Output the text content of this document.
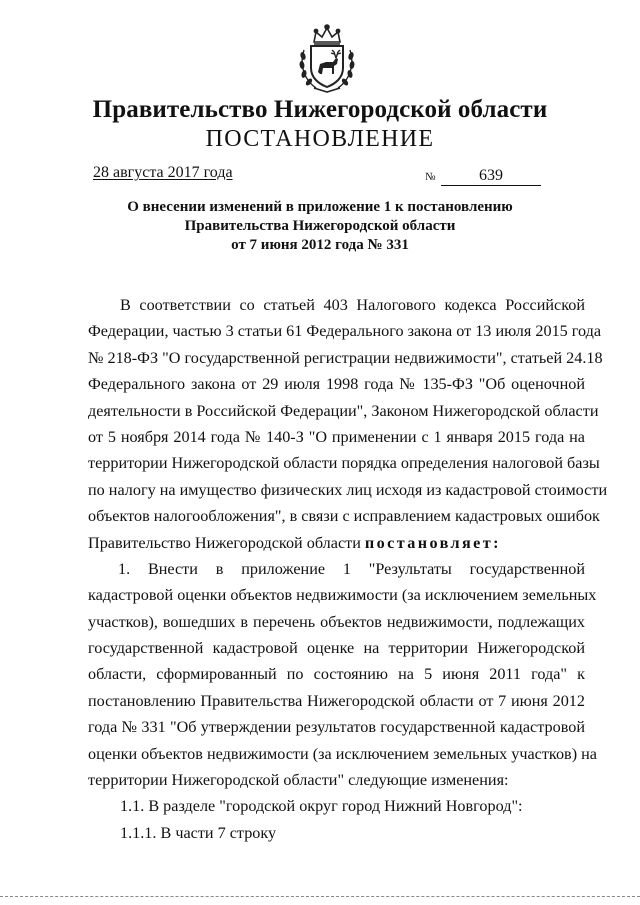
Правительство Нижегородской области
ПОСТАНОВЛЕНИЕ
28 августа 2017 года	№	639
О внесении изменений в приложение 1 к постановлению
Правительства Нижегородской области
от 7 июня 2012 года № 331
В соответствии со статьей 403 Налогового кодекса Российской
Федерации, частью 3 статьи 61 Федерального закона от 13 июля 2015 года
№ 218-ФЗ "О государственной регистрации недвижимости", статьей 24.18
Федерального закона от 29 июля 1998 года № 135-ФЗ "Об оценочной
деятельности в Российской Федерации", Законом Нижегородской области
от 5 ноября 2014 года № 140-З "О применении с 1 января 2015 года на
территории Нижегородской области порядка определения налоговой базы
по налогу на имущество физических лиц исходя из кадастровой стоимости
объектов налогообложения", в связи с исправлением кадастровых ошибок
Правительство Нижегородской области постановляет:
1. Внести в приложение 1 "Результаты государственной
кадастровой оценки объектов недвижимости (за исключением земельных
участков), вошедших в перечень объектов недвижимости, подлежащих
государственной кадастровой оценке на территории Нижегородской
области, сформированный по состоянию на 5 июня 2011 года" к
постановлению Правительства Нижегородской области от 7 июня 2012
года № 331 "Об утверждении результатов государственной кадастровой
оценки объектов недвижимости (за исключением земельных участков) на
территории Нижегородской области" следующие изменения:
1.1. В разделе "городской округ город Нижний Новгород":
1.1.1. В части 7 строку
